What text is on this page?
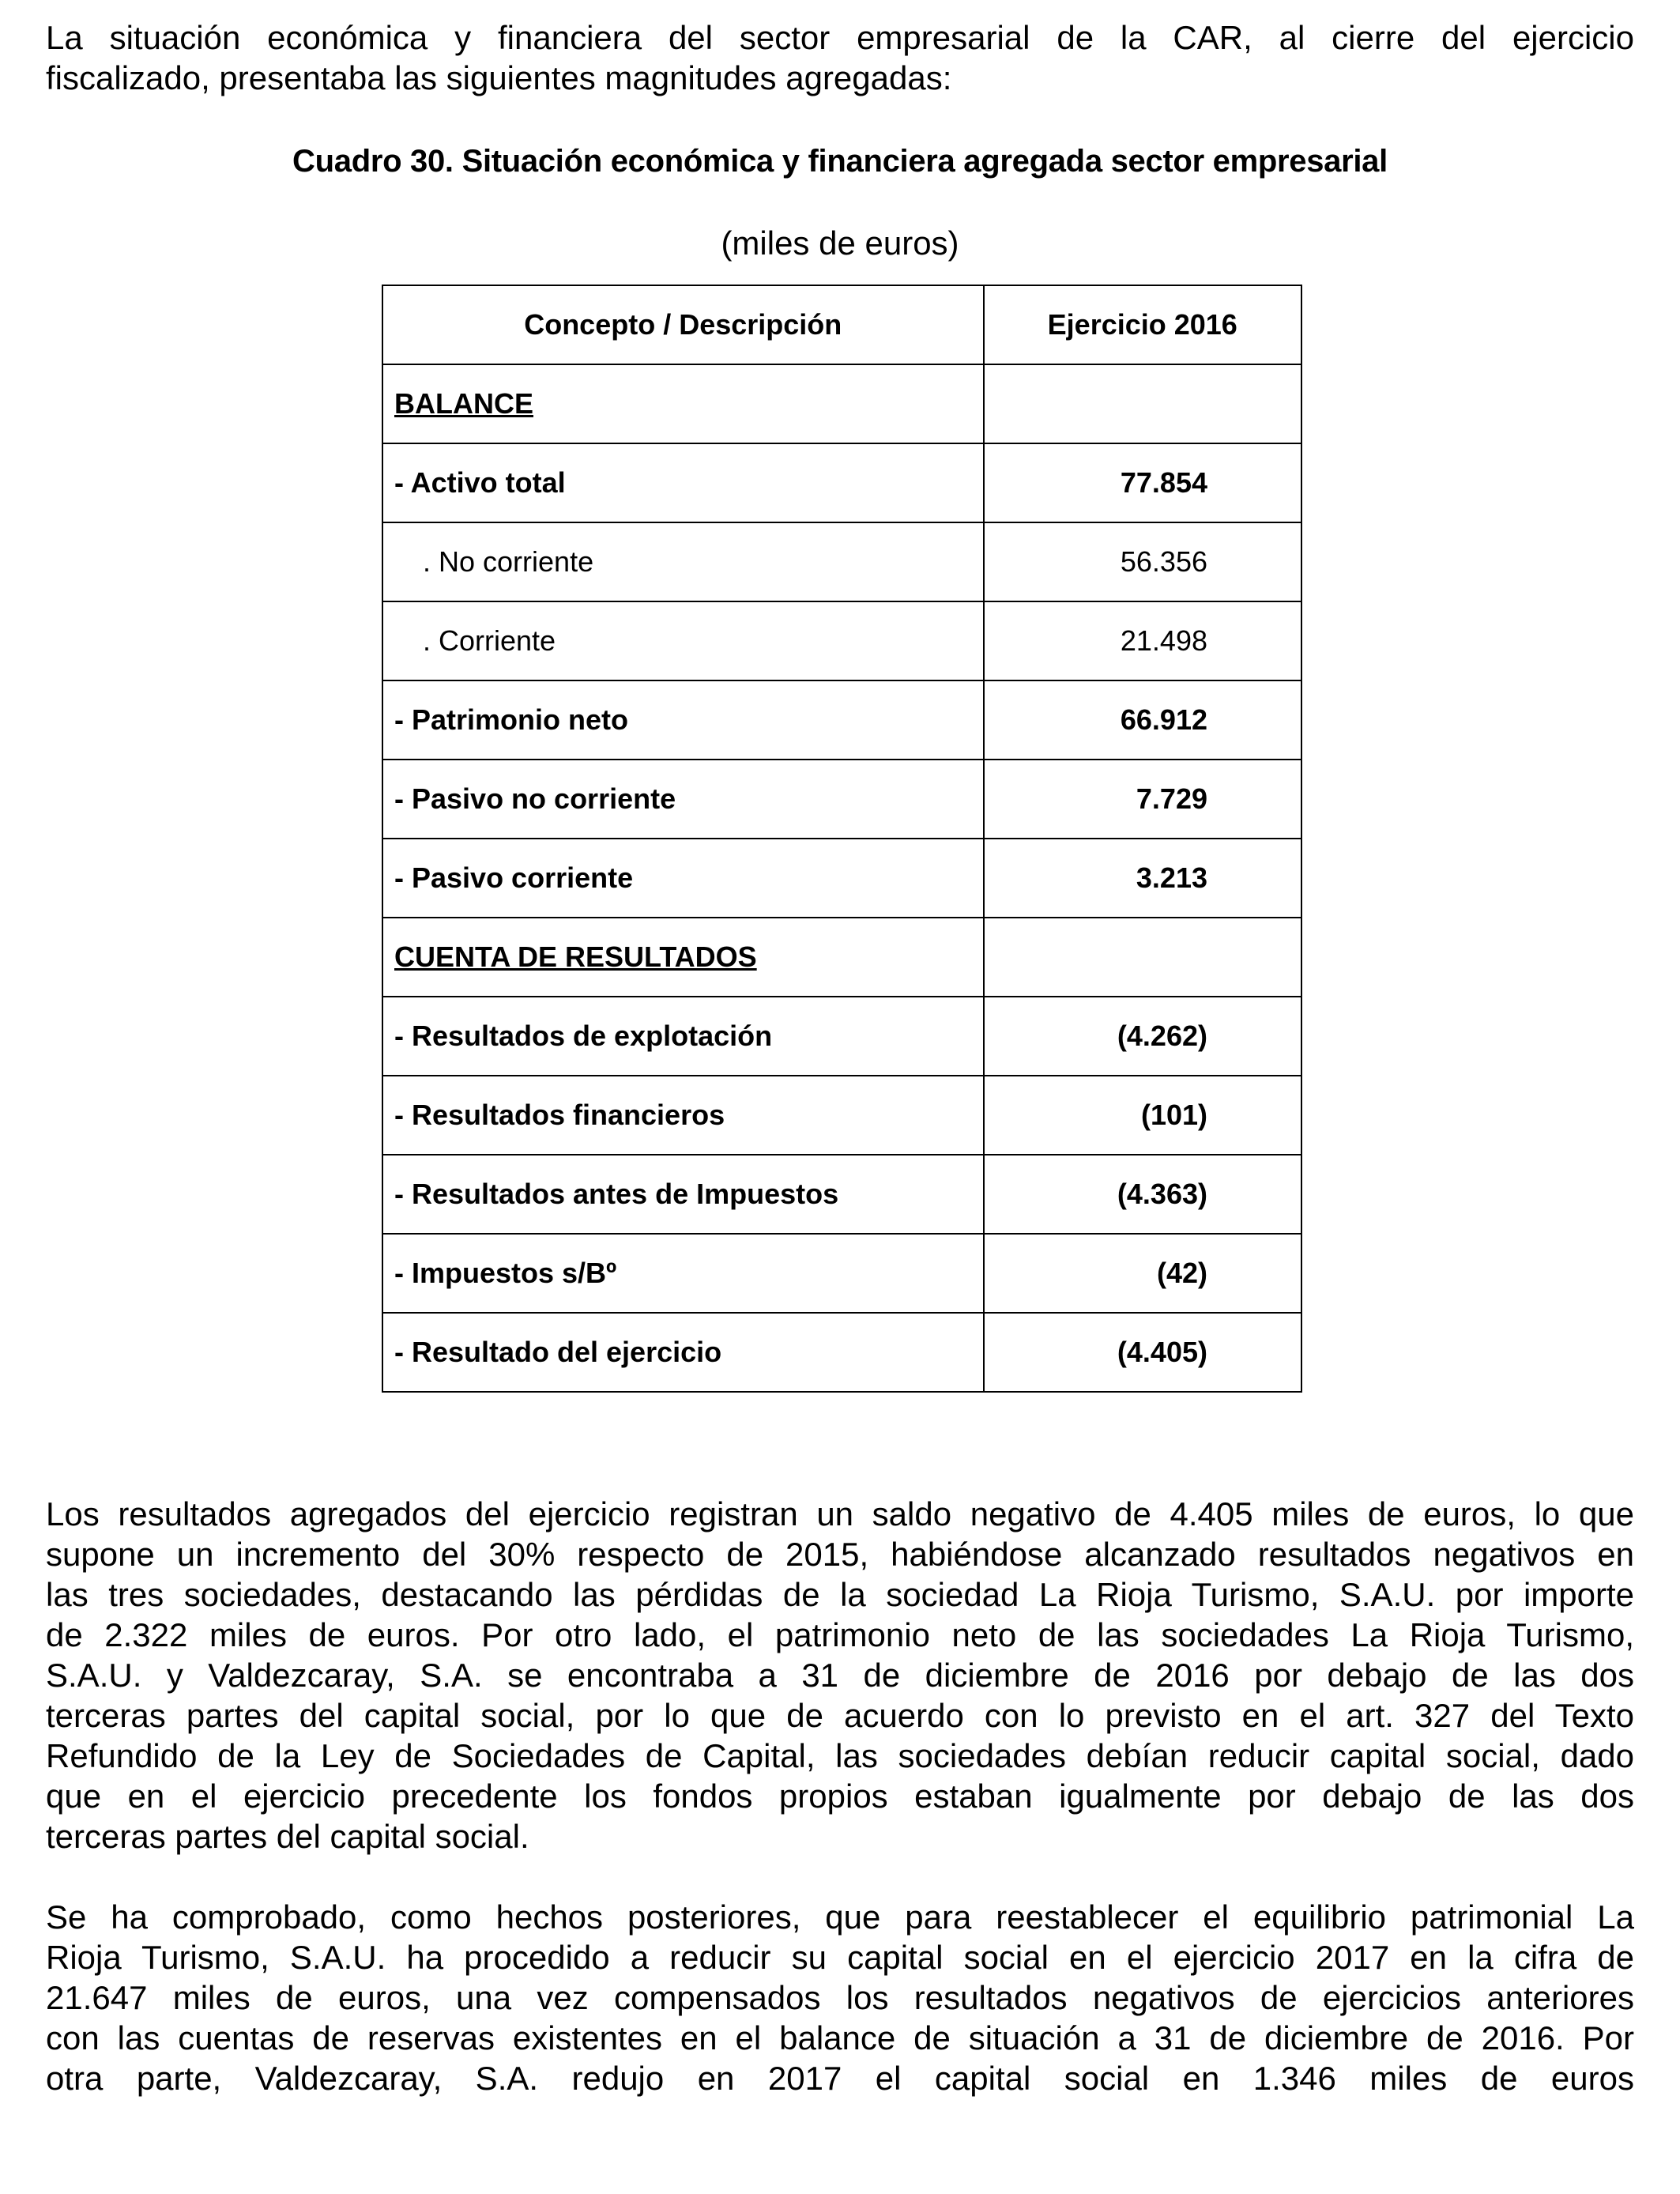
La situación económica y financiera del sector empresarial de la CAR, al cierre del ejercicio
fiscalizado, presentaba las siguientes magnitudes agregadas:

Cuadro 30. Situación económica y financiera agregada sector empresarial

(miles de euros)

Concepto / Descripción	Ejercicio 2016
BALANCE	
- Activo total	77.854
. No corriente	56.356
. Corriente	21.498
- Patrimonio neto	66.912
- Pasivo no corriente	7.729
- Pasivo corriente	3.213
CUENTA DE RESULTADOS	
- Resultados de explotación	(4.262)
- Resultados financieros	(101)
- Resultados antes de Impuestos	(4.363)
- Impuestos s/Bº	(42)
- Resultado del ejercicio	(4.405)

Los resultados agregados del ejercicio registran un saldo negativo de 4.405 miles de euros, lo que
supone un incremento del 30% respecto de 2015, habiéndose alcanzado resultados negativos en
las tres sociedades, destacando las pérdidas de la sociedad La Rioja Turismo, S.A.U. por importe
de 2.322 miles de euros. Por otro lado, el patrimonio neto de las sociedades La Rioja Turismo,
S.A.U. y Valdezcaray, S.A. se encontraba a 31 de diciembre de 2016 por debajo de las dos
terceras partes del capital social, por lo que de acuerdo con lo previsto en el art. 327 del Texto
Refundido de la Ley de Sociedades de Capital, las sociedades debían reducir capital social, dado
que en el ejercicio precedente los fondos propios estaban igualmente por debajo de las dos
terceras partes del capital social.

Se ha comprobado, como hechos posteriores, que para reestablecer el equilibrio patrimonial La
Rioja Turismo, S.A.U. ha procedido a reducir su capital social en el ejercicio 2017 en la cifra de
21.647 miles de euros, una vez compensados los resultados negativos de ejercicios anteriores
con las cuentas de reservas existentes en el balance de situación a 31 de diciembre de 2016. Por
otra parte, Valdezcaray, S.A. redujo en 2017 el capital social en 1.346 miles de euros
